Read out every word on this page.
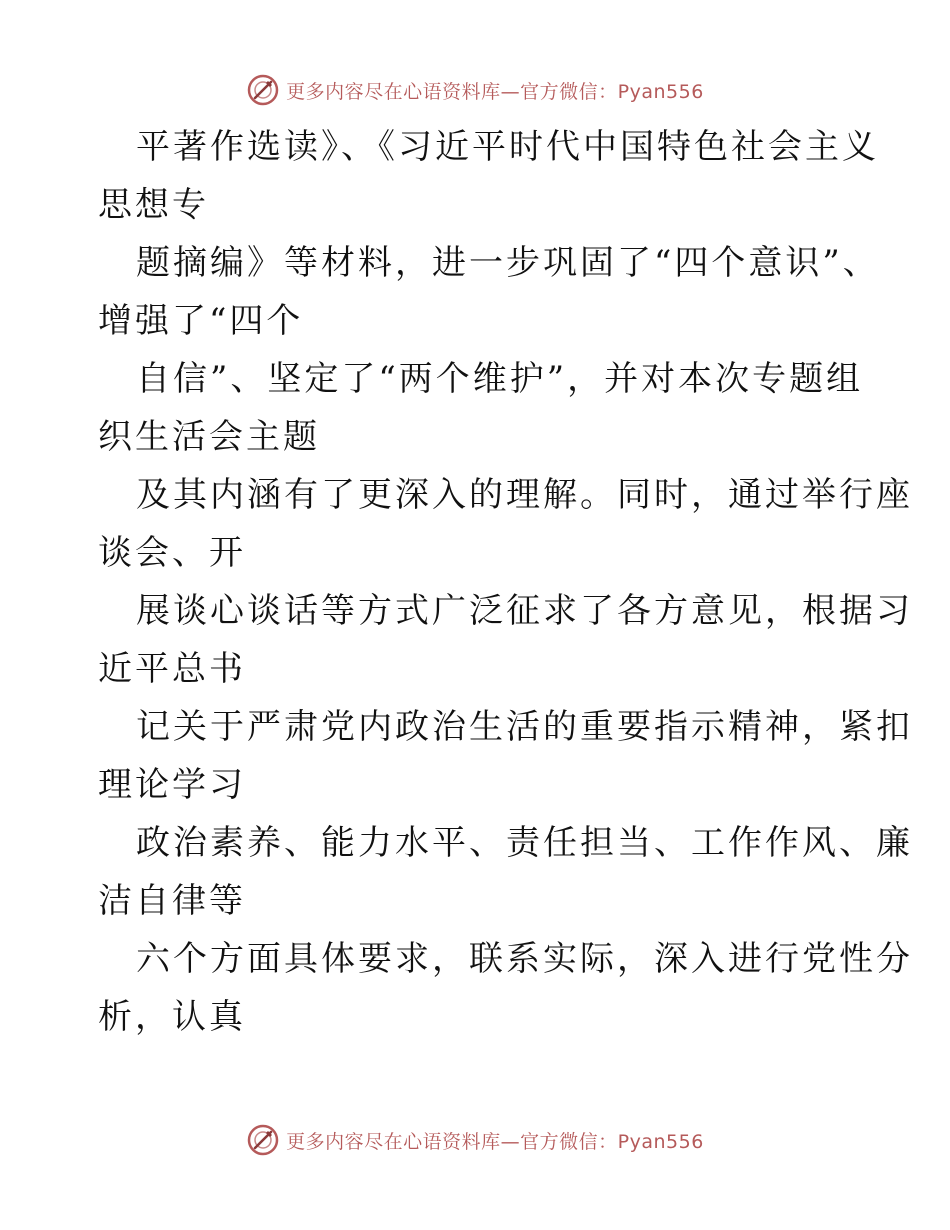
更多内容尽在心语资料库—官方微信：Pyan556

平著作选读》、《习近平时代中国特色社会主义
思想专

题摘编》等材料，进一步巩固了“四个意识”、
增强了“四个

自信”、坚定了“两个维护”，并对本次专题组
织生活会主题

及其内涵有了更深入的理解。同时，通过举行座
谈会、开

展谈心谈话等方式广泛征求了各方意见，根据习
近平总书

记关于严肃党内政治生活的重要指示精神，紧扣
理论学习

政治素养、能力水平、责任担当、工作作风、廉
洁自律等

六个方面具体要求，联系实际，深入进行党性分
析，认真

更多内容尽在心语资料库—官方微信：Pyan556
